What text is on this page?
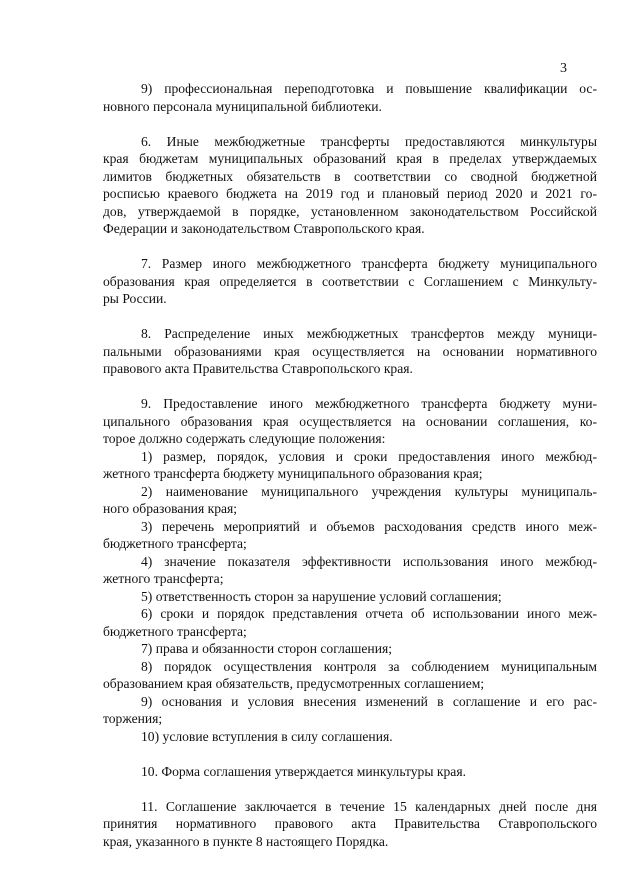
3
9) профессиональная переподготовка и повышение квалификации ос-
новного персонала муниципальной библиотеки.
6. Иные межбюджетные трансферты предоставляются минкультуры
края бюджетам муниципальных образований края в пределах утверждаемых
лимитов бюджетных обязательств в соответствии со сводной бюджетной
росписью краевого бюджета на 2019 год и плановый период 2020 и 2021 го-
дов, утверждаемой в порядке, установленном законодательством Российской
Федерации и законодательством Ставропольского края.
7. Размер иного межбюджетного трансферта бюджету муниципального
образования края определяется в соответствии с Соглашением с Минкульту-
ры России.
8. Распределение иных межбюджетных трансфертов между муници-
пальными образованиями края осуществляется на основании нормативного
правового акта Правительства Ставропольского края.
9. Предоставление иного межбюджетного трансферта бюджету муни-
ципального образования края осуществляется на основании соглашения, ко-
торое должно содержать следующие положения:
1) размер, порядок, условия и сроки предоставления иного межбюд-
жетного трансферта бюджету муниципального образования края;
2) наименование муниципального учреждения культуры муниципаль-
ного образования края;
3) перечень мероприятий и объемов расходования средств иного меж-
бюджетного трансферта;
4) значение показателя эффективности использования иного межбюд-
жетного трансферта;
5) ответственность сторон за нарушение условий соглашения;
6) сроки и порядок представления отчета об использовании иного меж-
бюджетного трансферта;
7) права и обязанности сторон соглашения;
8) порядок осуществления контроля за соблюдением муниципальным
образованием края обязательств, предусмотренных соглашением;
9) основания и условия внесения изменений в соглашение и его рас-
торжения;
10) условие вступления в силу соглашения.
10. Форма соглашения утверждается минкультуры края.
11. Соглашение заключается в течение 15 календарных дней после дня
принятия нормативного правового акта Правительства Ставропольского
края, указанного в пункте 8 настоящего Порядка.
